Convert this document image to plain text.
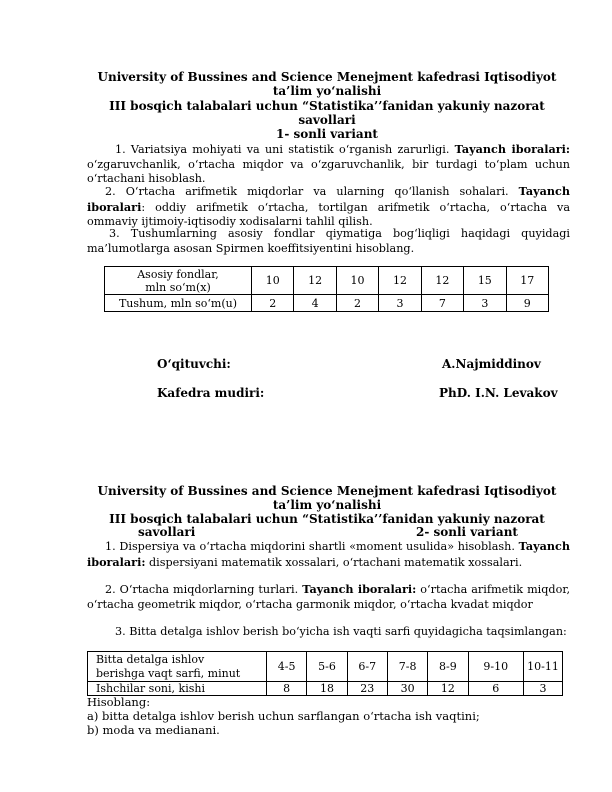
University of Bussines and Science Menejment kafedrasi Iqtisodiyot
ta’lim yo‘nalishi
III bosqich talabalari uchun “Statistika’’fanidan yakuniy nazorat
savollari
1- sonli variant
1. Variatsiya mohiyati va uni statistik o‘rganish zarurligi. Tayanch iboralari: o‘zgaruvchanlik, o‘rtacha miqdor va o‘zgaruvchanlik, bir turdagi to‘plam uchun o‘rtachani hisoblash.
2. O‘rtacha arifmetik miqdorlar va ularning qo‘llanish sohalari. Tayanch iboralari: oddiy arifmetik o‘rtacha, tortilgan arifmetik o‘rtacha, o‘rtacha va ommaviy ijtimoiy-iqtisodiy xodisalarni tahlil qilish.
3. Tushumlarning asosiy fondlar qiymatiga bog‘liqligi haqidagi quyidagi ma’lumotlarga asosan Spirmen koeffitsiyentini hisoblang.
Asosiy fondlar,
mln so‘m(x)	10	12	10	12	12	15	17
Tushum, mln so‘m(u)	2	4	2	3	7	3	9
O‘qituvchi:	A.Najmiddinov
Kafedra mudiri:	PhD. I.N. Levakov
University of Bussines and Science Menejment kafedrasi Iqtisodiyot
ta’lim yo‘nalishi
III bosqich talabalari uchun “Statistika’’fanidan yakuniy nazorat
savollari	2- sonli variant
1. Dispersiya va o‘rtacha miqdorini shartli «moment usulida» hisoblash. Tayanch iboralari: dispersiyani matematik xossalari, o‘rtachani matematik xossalari.
2. O‘rtacha miqdorlarning turlari. Tayanch iboralari: o‘rtacha arifmetik miqdor, o‘rtacha geometrik miqdor, o‘rtacha garmonik miqdor, o‘rtacha kvadat miqdor
3. Bitta detalga ishlov berish bo‘yicha ish vaqti sarfi quyidagicha taqsimlangan:
Bitta detalga ishlov
berishga vaqt sarfi, minut	4-5	5-6	6-7	7-8	8-9	9-10	10-11
Ishchilar soni, kishi	8	18	23	30	12	6	3
Hisoblang:
a) bitta detalga ishlov berish uchun sarflangan o‘rtacha ish vaqtini;
b) moda va medianani.
